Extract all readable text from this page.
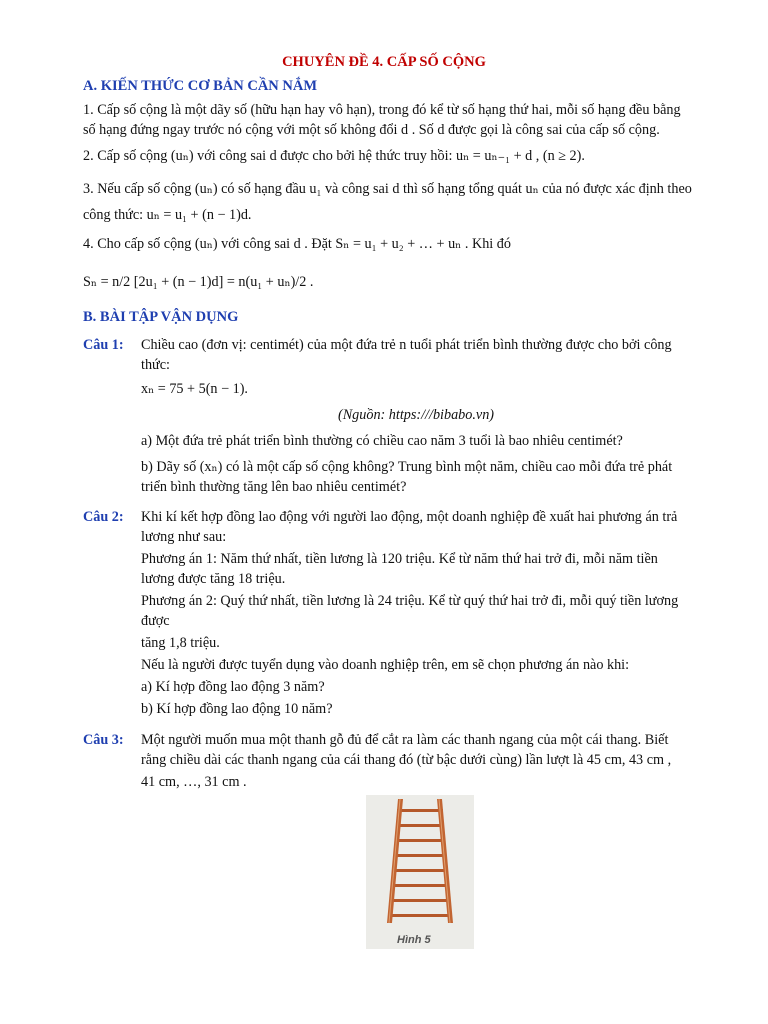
CHUYÊN ĐỀ 4. CẤP SỐ CỘNG
A. KIẾN THỨC CƠ BẢN CẦN NẮM
1. Cấp số cộng là một dãy số (hữu hạn hay vô hạn), trong đó kể từ số hạng thứ hai, mỗi số hạng đều bằng số hạng đứng ngay trước nó cộng với một số không đổi d . Số d được gọi là công sai của cấp số cộng.
2. Cấp số cộng (uₙ) với công sai d được cho bởi hệ thức truy hồi: uₙ = uₙ₋₁ + d , (n ≥ 2).
3. Nếu cấp số cộng (uₙ) có số hạng đầu u₁ và công sai d thì số hạng tổng quát uₙ của nó được xác định theo công thức: uₙ = u₁ + (n − 1)d.
4. Cho cấp số cộng (uₙ) với công sai d . Đặt Sₙ = u₁ + u₂ + … + uₙ . Khi đó
Sₙ = n/2 [2u₁ + (n − 1)d] = n(u₁ + uₙ)/2 .
B. BÀI TẬP VẬN DỤNG
Câu 1: Chiều cao (đơn vị: centimét) của một đứa trẻ n tuổi phát triển bình thường được cho bởi công thức:

xₙ = 75 + 5(n − 1).

(Nguồn: https:///bibabo.vn)

a) Một đứa trẻ phát triển bình thường có chiều cao năm 3 tuổi là bao nhiêu centimét?

b) Dãy số (xₙ) có là một cấp số cộng không? Trung bình một năm, chiều cao mỗi đứa trẻ phát triển bình thường tăng lên bao nhiêu centimét?

Câu 2: Khi kí kết hợp đồng lao động với người lao động, một doanh nghiệp đề xuất hai phương án trả lương như sau:

Phương án 1: Năm thứ nhất, tiền lương là 120 triệu. Kể từ năm thứ hai trở đi, mỗi năm tiền lương được tăng 18 triệu.

Phương án 2: Quý thứ nhất, tiền lương là 24 triệu. Kể từ quý thứ hai trở đi, mỗi quý tiền lương được

tăng 1,8 triệu.

Nếu là người được tuyển dụng vào doanh nghiệp trên, em sẽ chọn phương án nào khi:

a) Kí hợp đồng lao động 3 năm?

b) Kí hợp đồng lao động 10 năm?

Câu 3: Một người muốn mua một thanh gỗ đủ để cắt ra làm các thanh ngang của một cái thang. Biết rằng chiều dài các thanh ngang của cái thang đó (từ bậc dưới cùng) lần lượt là 45 cm, 43 cm ,

41 cm, …, 31 cm .

Hình 5
